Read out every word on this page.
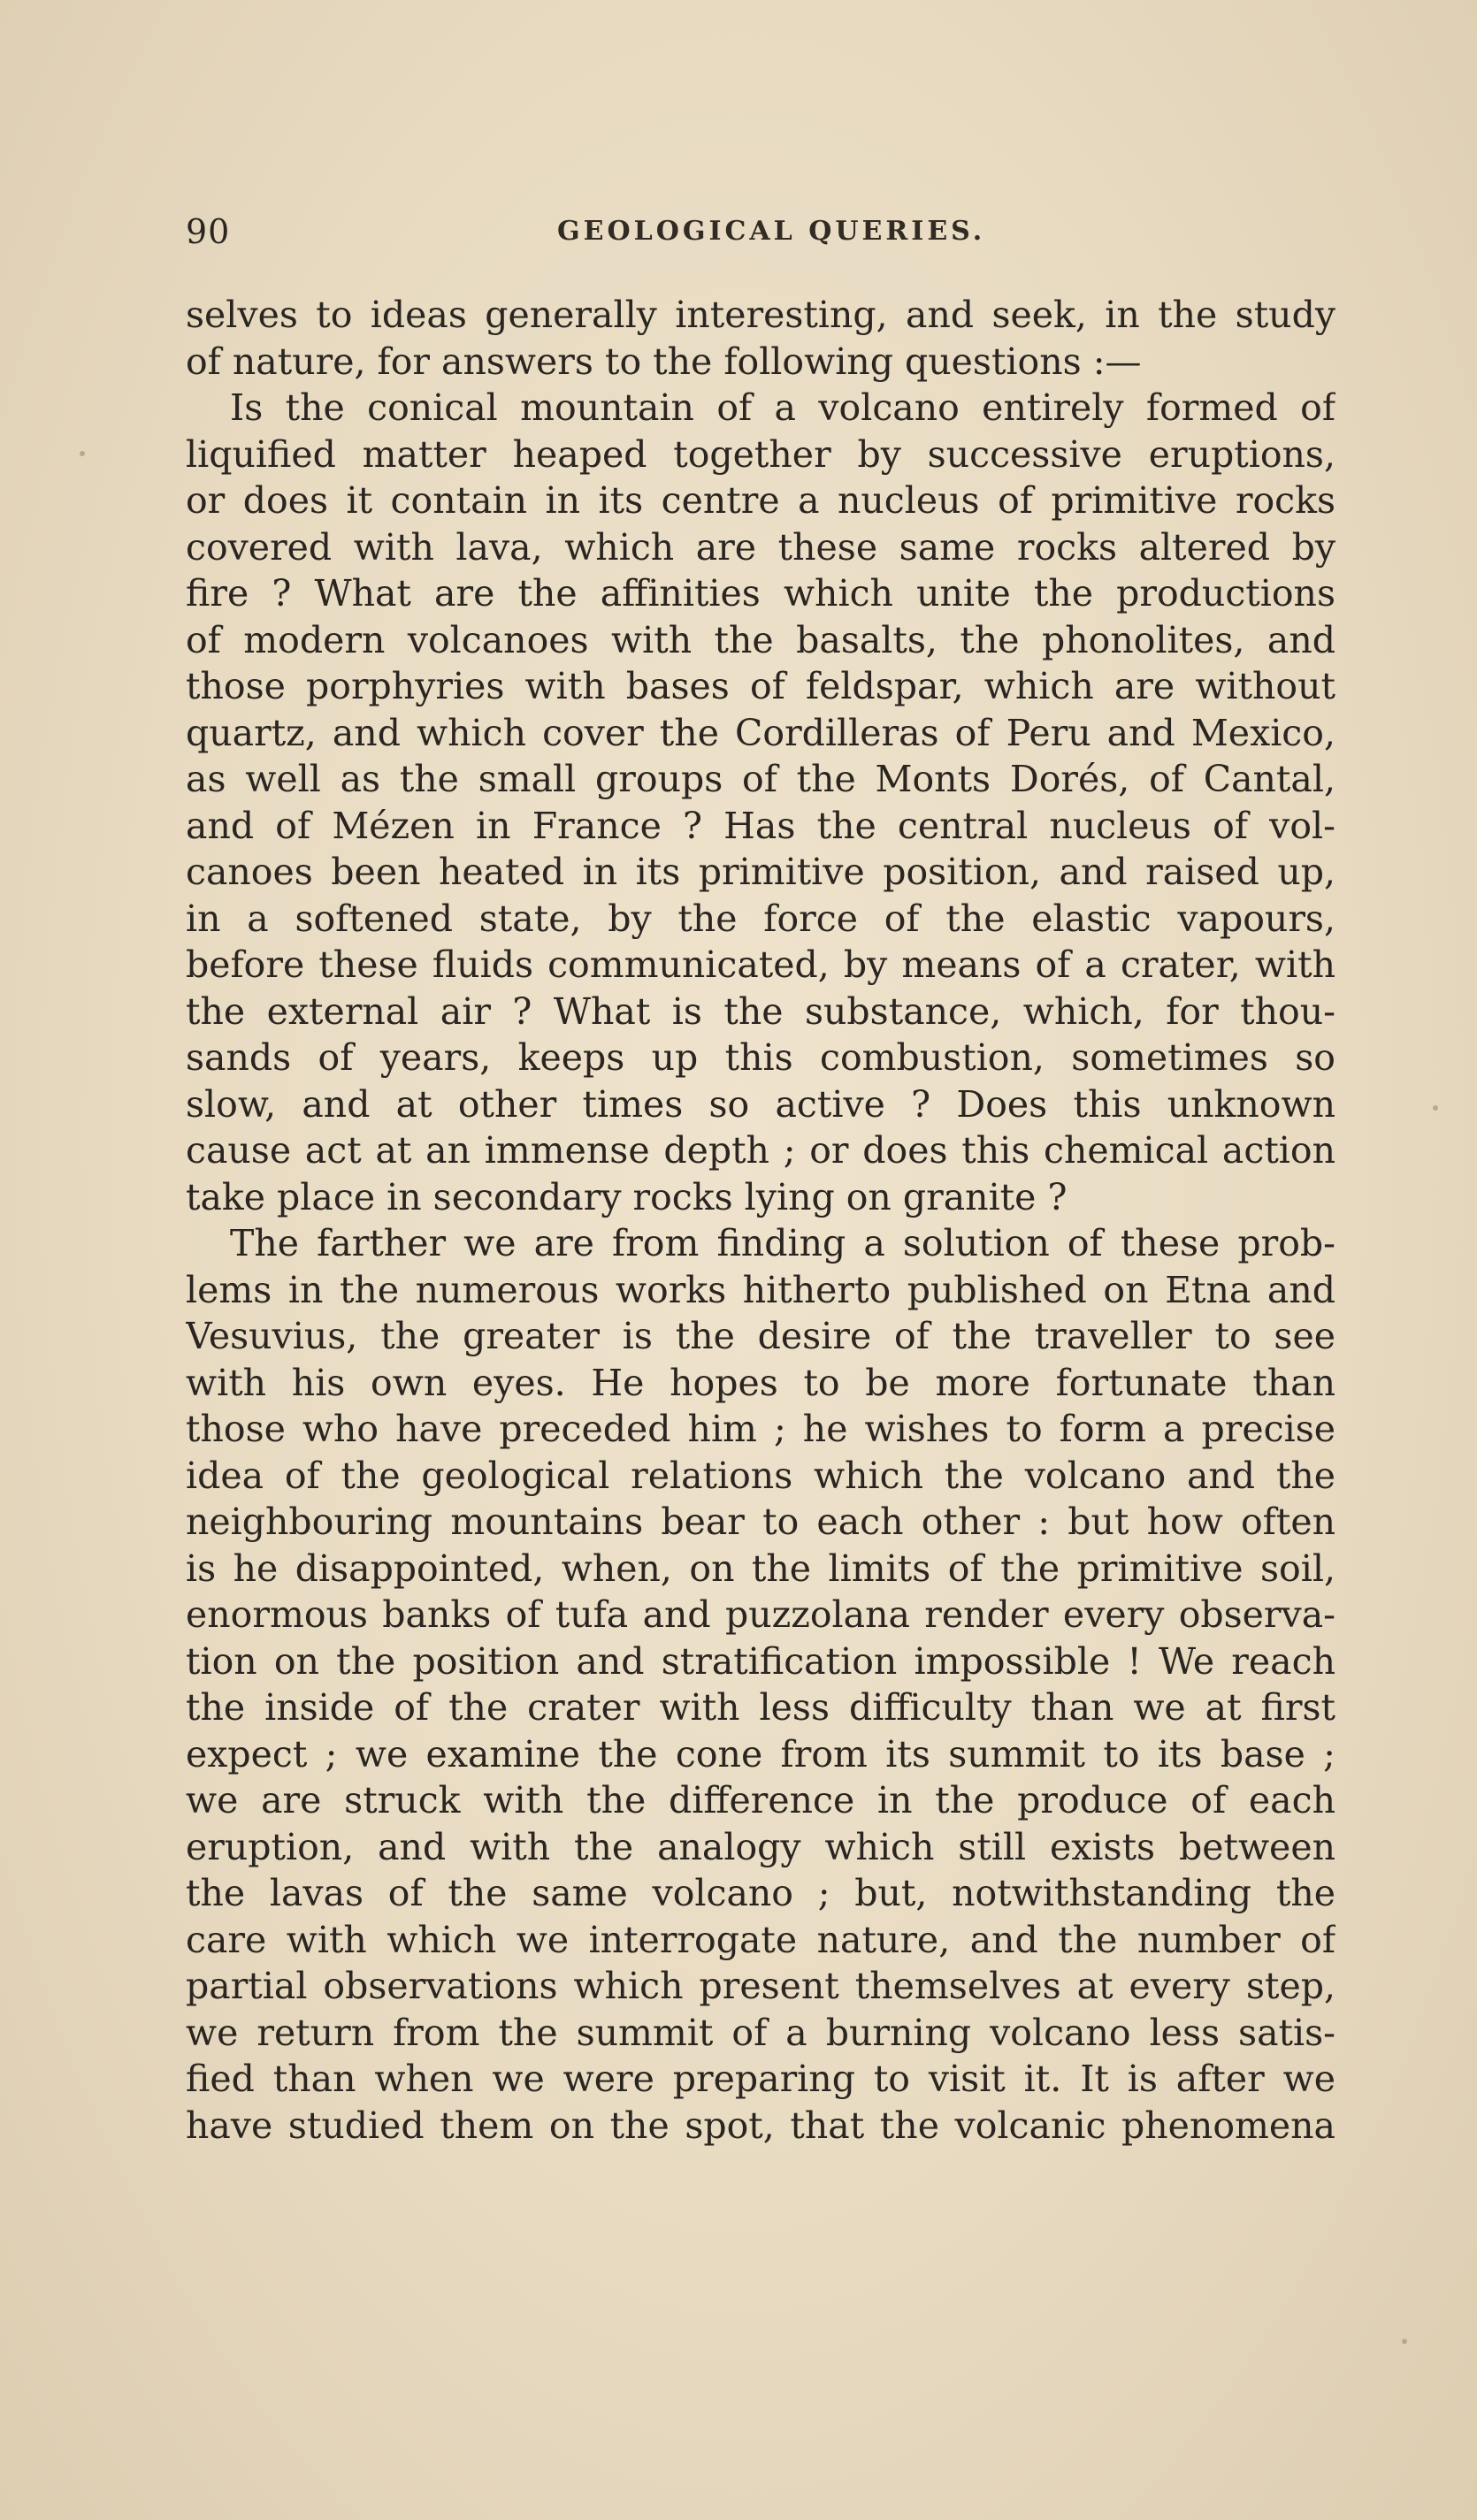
90	GEOLOGICAL QUERIES.
selves to ideas generally interesting, and seek, in the study
of nature, for answers to the following questions :—
Is the conical mountain of a volcano entirely formed of
liquified matter heaped together by successive eruptions,
or does it contain in its centre a nucleus of primitive rocks
covered with lava, which are these same rocks altered by
fire ? What are the affinities which unite the productions
of modern volcanoes with the basalts, the phonolites, and
those porphyries with bases of feldspar, which are without
quartz, and which cover the Cordilleras of Peru and Mexico,
as well as the small groups of the Monts Dorés, of Cantal,
and of Mézen in France ? Has the central nucleus of vol-
canoes been heated in its primitive position, and raised up,
in a softened state, by the force of the elastic vapours,
before these fluids communicated, by means of a crater, with
the external air ? What is the substance, which, for thou-
sands of years, keeps up this combustion, sometimes so
slow, and at other times so active ? Does this unknown
cause act at an immense depth ; or does this chemical action
take place in secondary rocks lying on granite ?
The farther we are from finding a solution of these prob-
lems in the numerous works hitherto published on Etna and
Vesuvius, the greater is the desire of the traveller to see
with his own eyes. He hopes to be more fortunate than
those who have preceded him ; he wishes to form a precise
idea of the geological relations which the volcano and the
neighbouring mountains bear to each other : but how often
is he disappointed, when, on the limits of the primitive soil,
enormous banks of tufa and puzzolana render every observa-
tion on the position and stratification impossible ! We reach
the inside of the crater with less difficulty than we at first
expect ; we examine the cone from its summit to its base ;
we are struck with the difference in the produce of each
eruption, and with the analogy which still exists between
the lavas of the same volcano ; but, notwithstanding the
care with which we interrogate nature, and the number of
partial observations which present themselves at every step,
we return from the summit of a burning volcano less satis-
fied than when we were preparing to visit it. It is after we
have studied them on the spot, that the volcanic phenomena
